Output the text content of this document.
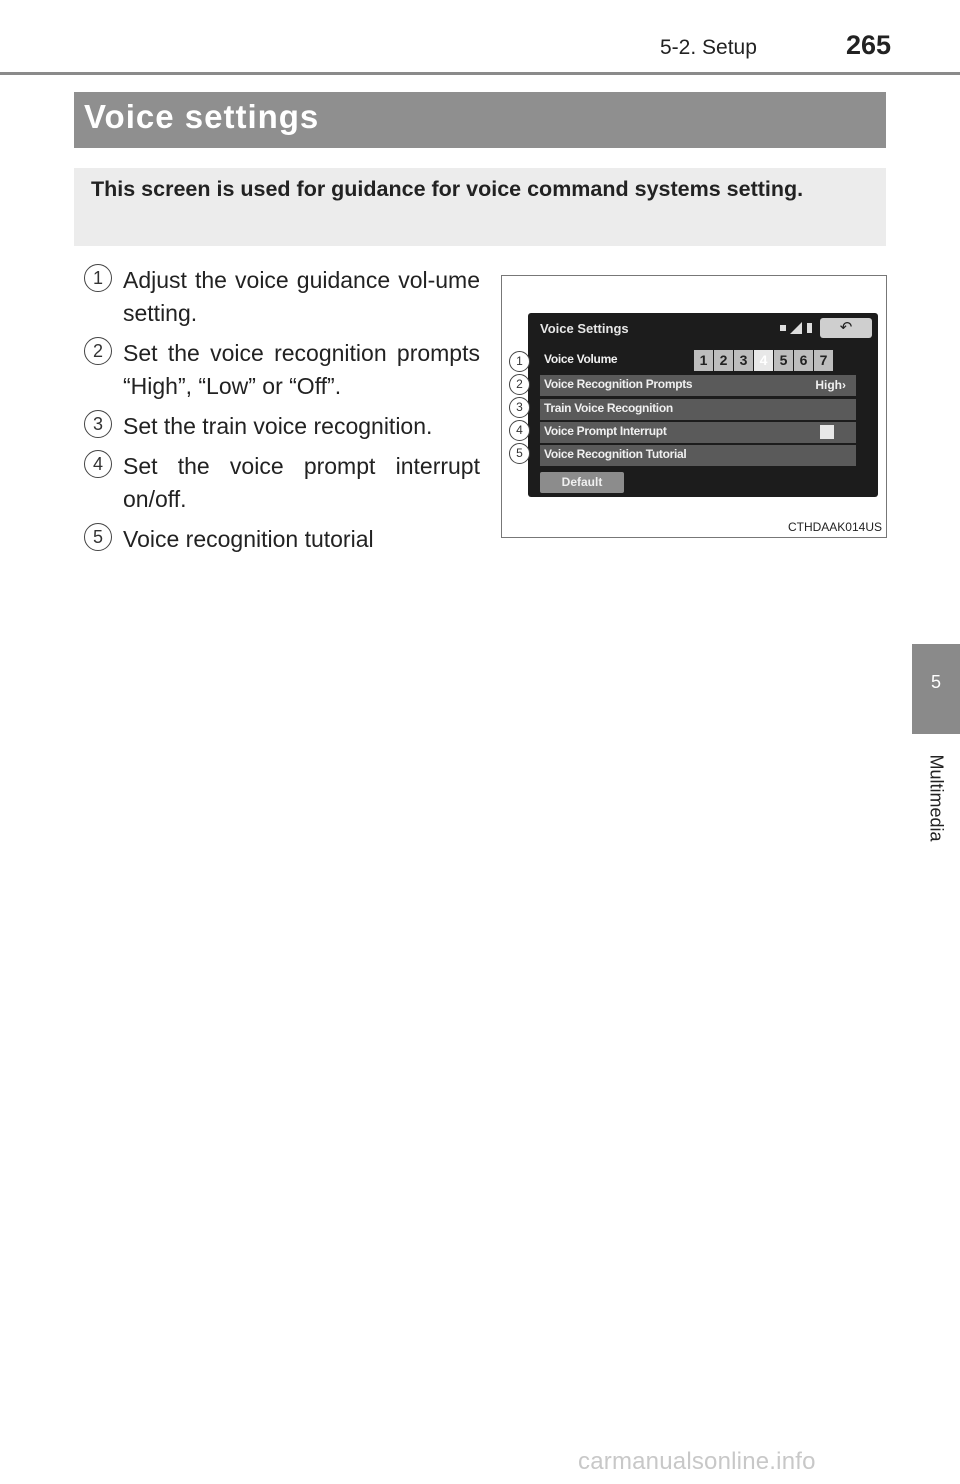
5-2. Setup	265
Voice settings

This screen is used for guidance for voice command systems setting.

1 Adjust the voice guidance vol-ume setting.
2 Set the voice recognition prompts “High”, “Low” or “Off”.
3 Set the train voice recognition.
4 Set the voice prompt interrupt on/off.
5 Voice recognition tutorial
Voice Settings	↶
Voice Volume	1 2 3 4 5 6 7
Voice Recognition Prompts	High›
Train Voice Recognition
Voice Prompt Interrupt
Voice Recognition Tutorial
Default
1
2
3
4
5
CTHDAAK014US
5
Multimedia
carmanualsonline.info
